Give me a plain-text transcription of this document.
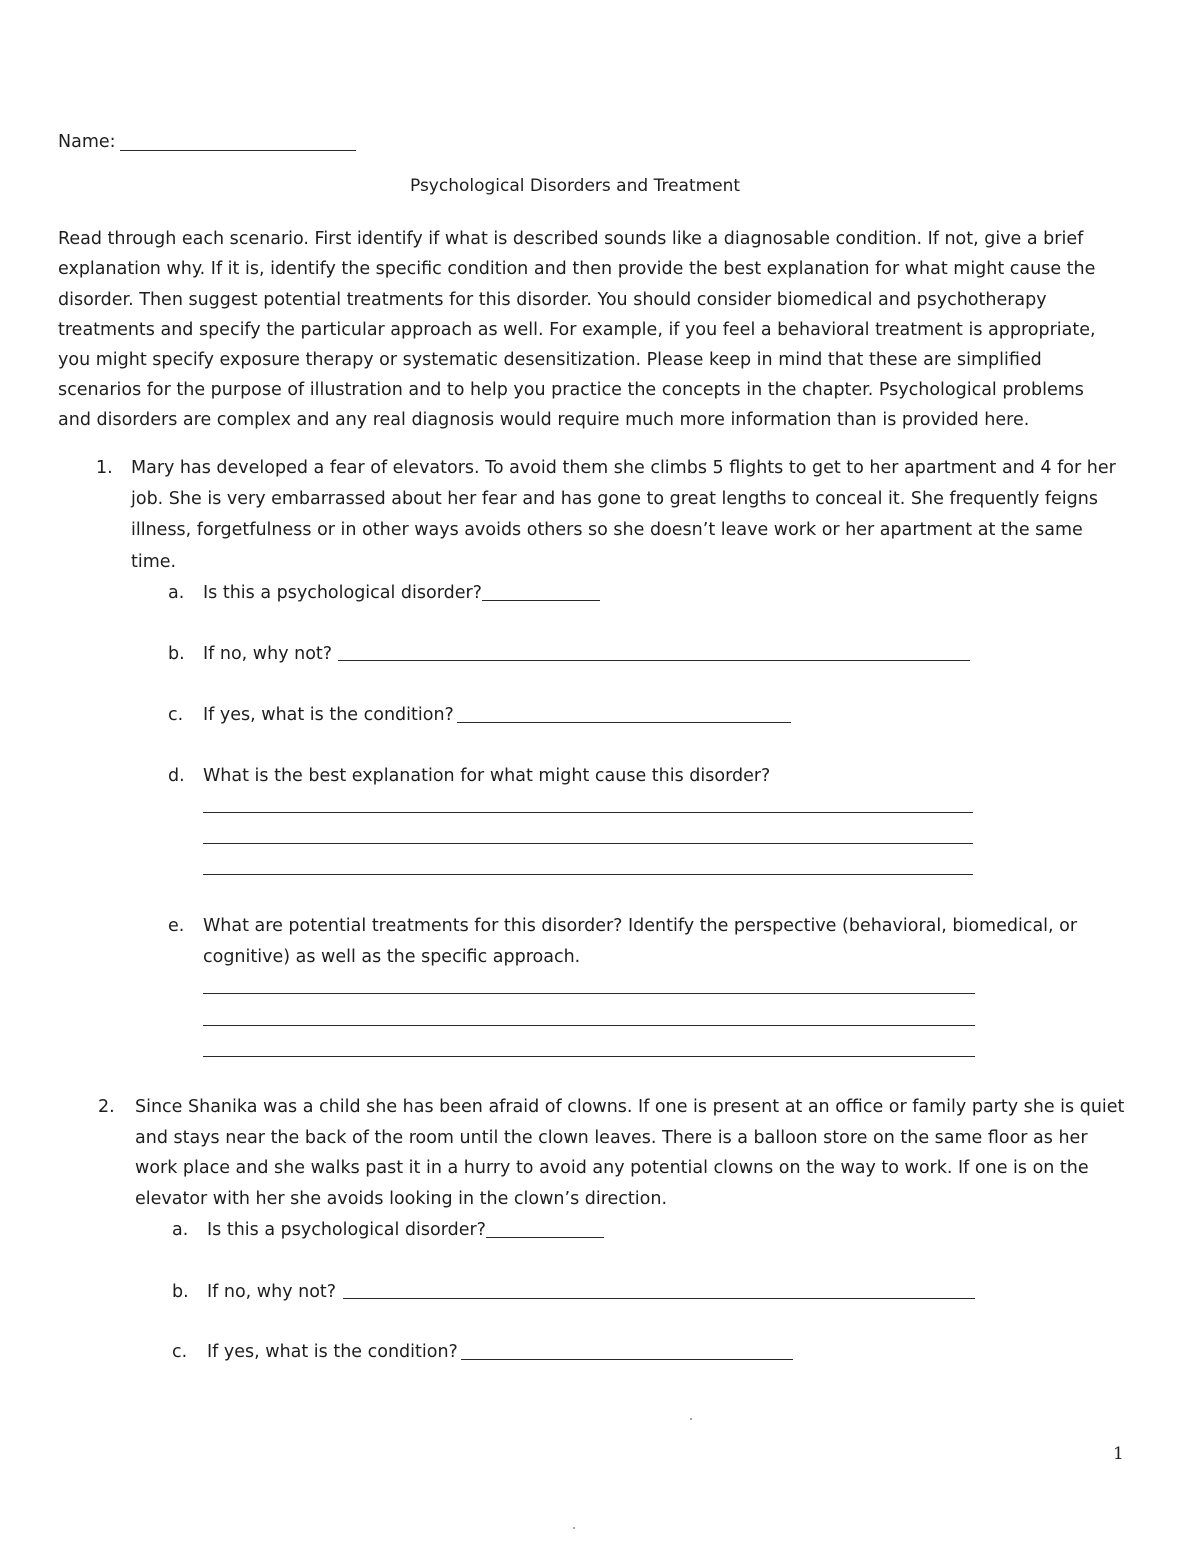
Name:
Psychological Disorders and Treatment
Read through each scenario. First identify if what is described sounds like a diagnosable condition. If not, give a brief
explanation why. If it is, identify the specific condition and then provide the best explanation for what might cause the
disorder. Then suggest potential treatments for this disorder. You should consider biomedical and psychotherapy
treatments and specify the particular approach as well. For example, if you feel a behavioral treatment is appropriate,
you might specify exposure therapy or systematic desensitization. Please keep in mind that these are simplified
scenarios for the purpose of illustration and to help you practice the concepts in the chapter. Psychological problems
and disorders are complex and any real diagnosis would require much more information than is provided here.
1. Mary has developed a fear of elevators. To avoid them she climbs 5 flights to get to her apartment and 4 for her
job. She is very embarrassed about her fear and has gone to great lengths to conceal it. She frequently feigns
illness, forgetfulness or in other ways avoids others so she doesn’t leave work or her apartment at the same
time.
a. Is this a psychological disorder?
b. If no, why not?
c. If yes, what is the condition?
d. What is the best explanation for what might cause this disorder?
e. What are potential treatments for this disorder? Identify the perspective (behavioral, biomedical, or
cognitive) as well as the specific approach.
2. Since Shanika was a child she has been afraid of clowns. If one is present at an office or family party she is quiet
and stays near the back of the room until the clown leaves. There is a balloon store on the same floor as her
work place and she walks past it in a hurry to avoid any potential clowns on the way to work. If one is on the
elevator with her she avoids looking in the clown’s direction.
a. Is this a psychological disorder?
b. If no, why not?
c. If yes, what is the condition?
1
